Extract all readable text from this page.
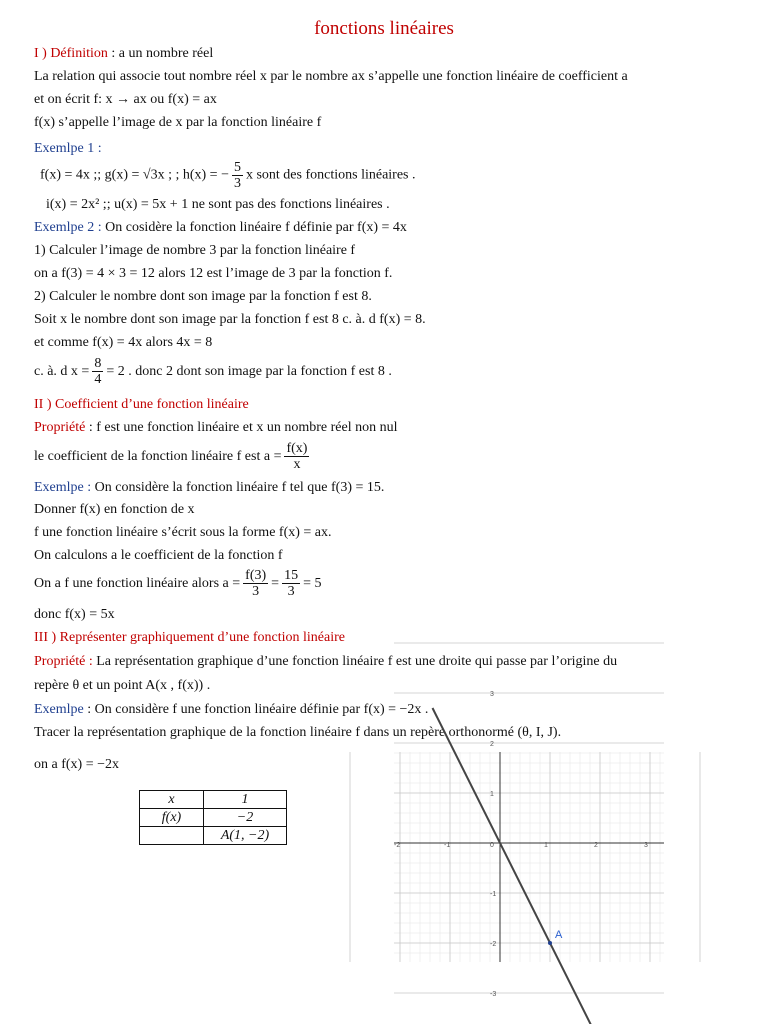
fonctions linéaires
I ) Définition : a un nombre réel
La relation qui associe tout nombre réel x par le nombre ax s’appelle une fonction linéaire de coefficient a
et on écrit f: x → ax ou f(x) = ax
f(x) s’appelle l’image de x par la fonction linéaire f
Exemlpe 1 :
f(x) = 4x ;; g(x) = √3x ; ; h(x) = − $\frac{5}{3}$ x sont des fonctions linéaires .
i(x) = 2x² ;; u(x) = 5x + 1 ne sont pas des fonctions linéaires .
Exemlpe 2 : On cosidère la fonction linéaire f définie par f(x) = 4x
1) Calculer l’image de nombre 3 par la fonction linéaire f
on a f(3) = 4 × 3 = 12 alors 12 est l’image de 3 par la fonction f.
2) Calculer le nombre dont son image par la fonction f est 8.
Soit x le nombre dont son image par la fonction f est 8 c. à. d f(x) = 8.
et comme f(x) = 4x alors 4x = 8
c. à. d $x = \frac{8}{4} = 2$ . donc 2 dont son image par la fonction f est 8 .
II ) Coefficient d’une fonction linéaire
Propriété : f est une fonction linéaire et x un nombre réel non nul
le coefficient de la fonction linéaire f est $a = \frac{f(x)}{x}$
Exemlpe : On considère la fonction linéaire f tel que f(3) = 15.
Donner f(x) en fonction de x
f une fonction linéaire s’écrit sous la forme f(x) = ax.
On calculons a le coefficient de la fonction f
On a f une fonction linéaire alors $a = \frac{f(3)}{3} = \frac{15}{3} = 5$
donc f(x) = 5x
III ) Représenter graphiquement d’une fonction linéaire
Propriété : La représentation graphique d’une fonction linéaire f est une droite qui passe par l’origine du
repère θ et un point A(x , f(x)) .
Exemlpe : On considère f une fonction linéaire définie par f(x) = −2x .
Tracer la représentation graphique de la fonction linéaire f dans un repère orthonormé (θ, I, J).
on a f(x) = −2x
x	1
f(x)	−2
	A(1, −2)
-2	-1	0	1	2	3
3
2
1
-1
-2
-3
A
